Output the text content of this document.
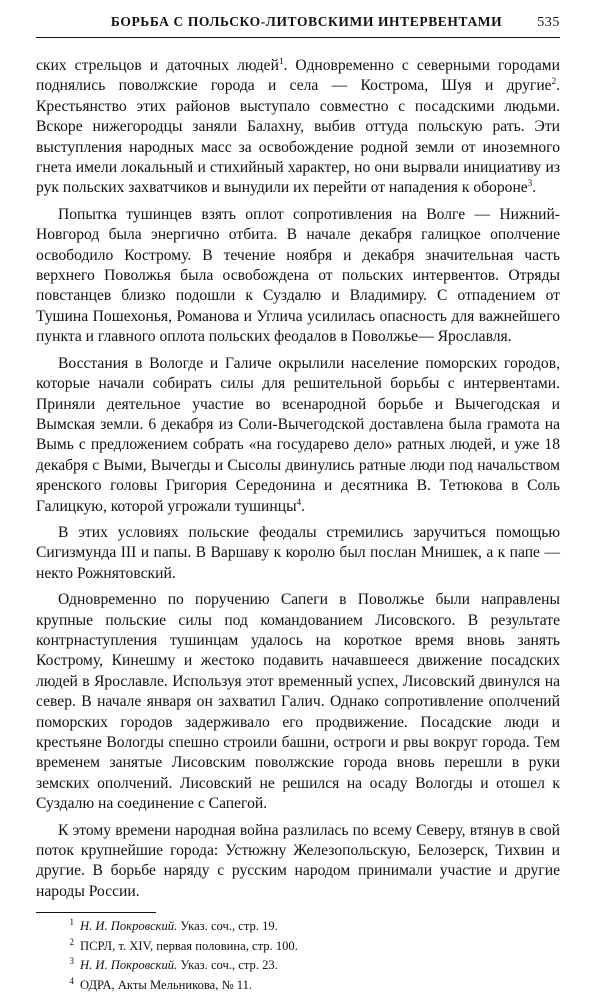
БОРЬБА С ПОЛЬСКО-ЛИТОВСКИМИ ИНТЕРВЕНТАМИ	535

ских стрельцов и даточных людей$^1$. Одновременно с северными городами поднялись поволжские города и села — Кострома, Шуя и другие$^2$. Крестьянство этих районов выступало совместно с посадскими людьми. Вскоре нижегородцы заняли Балахну, выбив оттуда польскую рать. Эти выступления народных масс за освобождение родной земли от иноземного гнета имели локальный и стихийный характер, но они вырвали инициативу из рук польских захватчиков и вынудили их перейти от нападения к обороне$^3$.

Попытка тушинцев взять оплот сопротивления на Волге — Нижний-Новгород была энергично отбита. В начале декабря галицкое ополчение освободило Кострому. В течение ноября и декабря значительная часть верхнего Поволжья была освобождена от польских интервентов. Отряды повстанцев близко подошли к Суздалю и Владимиру. С отпадением от Тушина Пошехонья, Романова и Углича усилилась опасность для важнейшего пункта и главного оплота польских феодалов в Поволжье— Ярославля.

Восстания в Вологде и Галиче окрылили население поморских городов, которые начали собирать силы для решительной борьбы с интервентами. Приняли деятельное участие во всенародной борьбе и Вычегодская и Вымская земли. 6 декабря из Соли-Вычегодской доставлена была грамота на Вымь с предложением собрать «на государево дело» ратных людей, и уже 18 декабря с Выми, Вычегды и Сысолы двинулись ратные люди под начальством яренского головы Григория Середонина и десятника В. Тетюкова в Соль Галицкую, которой угрожали тушинцы$^4$.

В этих условиях польские феодалы стремились заручиться помощью Сигизмунда III и папы. В Варшаву к королю был послан Мнишек, а к папе — некто Рожнятовский.

Одновременно по поручению Сапеги в Поволжье были направлены крупные польские силы под командованием Лисовского. В результате контрнаступления тушинцам удалось на короткое время вновь занять Кострому, Кинешму и жестоко подавить начавшееся движение посадских людей в Ярославле. Используя этот временный успех, Лисовский двинулся на север. В начале января он захватил Галич. Однако сопротивление ополчений поморских городов задерживало его продвижение. Посадские люди и крестьяне Вологды спешно строили башни, остроги и рвы вокруг города. Тем временем занятые Лисовским поволжские города вновь перешли в руки земских ополчений. Лисовский не решился на осаду Вологды и отошел к Суздалю на соединение с Сапегой.

К этому времени народная война разлилась по всему Северу, втянув в свой поток крупнейшие города: Устюжну Железопольскую, Белозерск, Тихвин и другие. В борьбе наряду с русским народом принимали участие и другие народы России.

$^1$ Н. И. Покровский. Указ. соч., стр. 19.

$^2$ ПСРЛ, т. XIV, первая половина, стр. 100.

$^3$ Н. И. Покровский. Указ. соч., стр. 23.

$^4$ ОДРА, Акты Мельникова, № 11.
